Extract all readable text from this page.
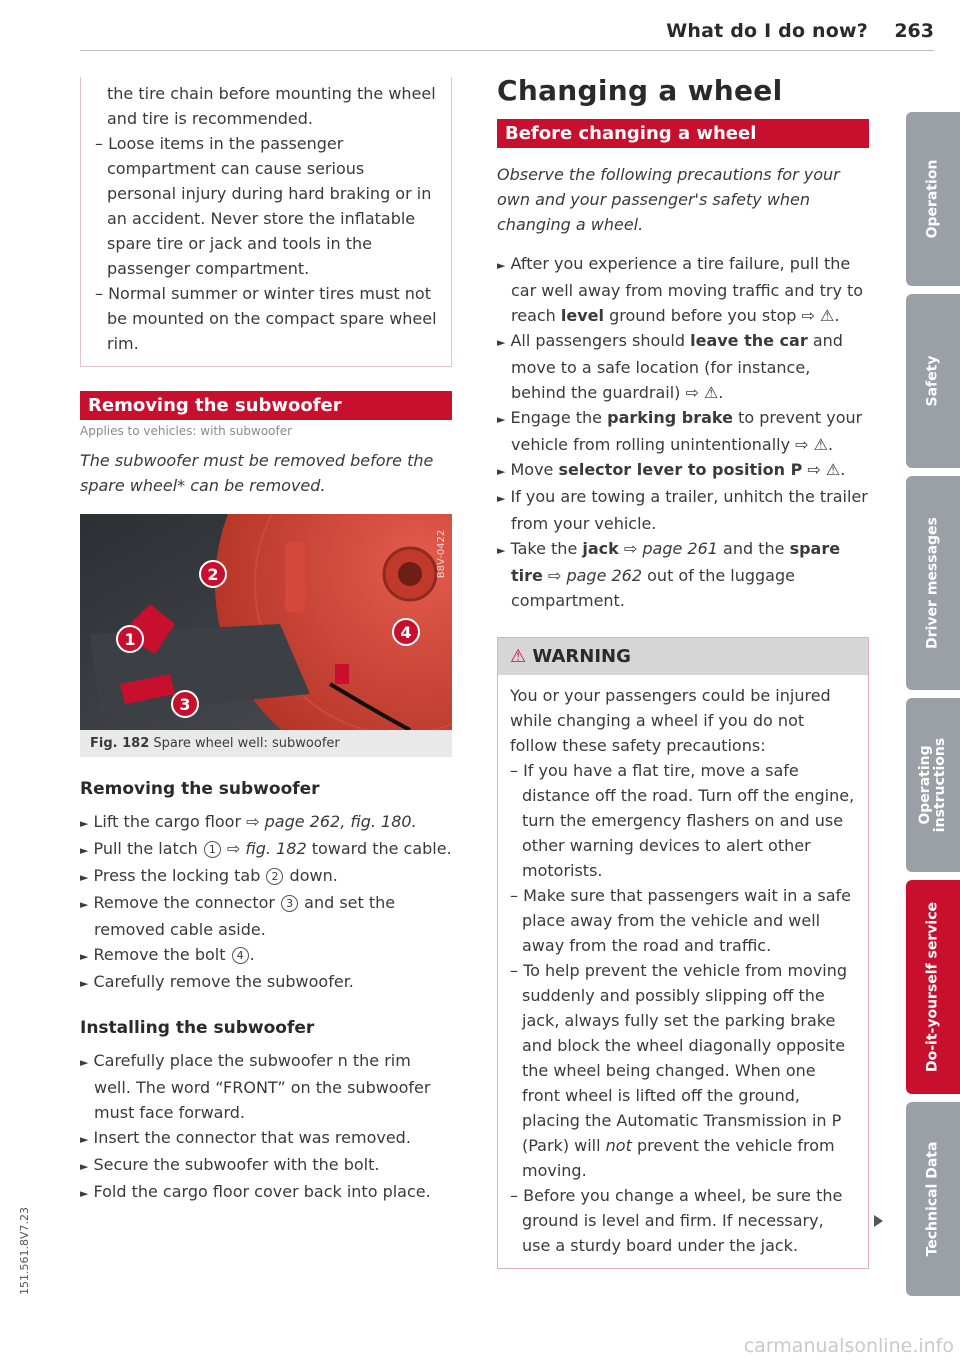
What do I do now? 263
the tire chain before mounting the wheel and tire is recommended.
– Loose items in the passenger compartment can cause serious personal injury during hard braking or in an accident. Never store the inflatable spare tire or jack and tools in the passenger compartment.
– Normal summer or winter tires must not be mounted on the compact spare wheel rim.
Removing the subwoofer
Applies to vehicles: with subwoofer
The subwoofer must be removed before the spare wheel* can be removed.
2
1
3
4
B8V-0422
Fig. 182 Spare wheel well: subwoofer
Removing the subwoofer
► Lift the cargo floor ⇨ page 262, fig. 180.
► Pull the latch 1 ⇨ fig. 182 toward the cable.
► Press the locking tab 2 down.
► Remove the connector 3 and set the removed cable aside.
► Remove the bolt 4 .
► Carefully remove the subwoofer.
Installing the subwoofer
► Carefully place the subwoofer n the rim well. The word “FRONT” on the subwoofer must face forward.
► Insert the connector that was removed.
► Secure the subwoofer with the bolt.
► Fold the cargo floor cover back into place.
Changing a wheel
Before changing a wheel
Observe the following precautions for your own and your passenger's safety when changing a wheel.
► After you experience a tire failure, pull the car well away from moving traffic and try to reach level ground before you stop ⇨ ⚠.
► All passengers should leave the car and move to a safe location (for instance, behind the guardrail) ⇨ ⚠.
► Engage the parking brake to prevent your vehicle from rolling unintentionally ⇨ ⚠.
► Move selector lever to position P ⇨ ⚠.
► If you are towing a trailer, unhitch the trailer from your vehicle.
► Take the jack ⇨ page 261 and the spare tire ⇨ page 262 out of the luggage compartment.
⚠ WARNING
You or your passengers could be injured while changing a wheel if you do not follow these safety precautions:
– If you have a flat tire, move a safe distance off the road. Turn off the engine, turn the emergency flashers on and use other warning devices to alert other motorists.
– Make sure that passengers wait in a safe place away from the vehicle and well away from the road and traffic.
– To help prevent the vehicle from moving suddenly and possibly slipping off the jack, always fully set the parking brake and block the wheel diagonally opposite the wheel being changed. When one front wheel is lifted off the ground, placing the Automatic Transmission in P (Park) will not prevent the vehicle from moving.
– Before you change a wheel, be sure the ground is level and firm. If necessary, use a sturdy board under the jack.
Operation
Safety
Driver messages
Operating instructions
Do-it-yourself service
Technical Data
151.561.8V7.23
carmanualsonline.info
